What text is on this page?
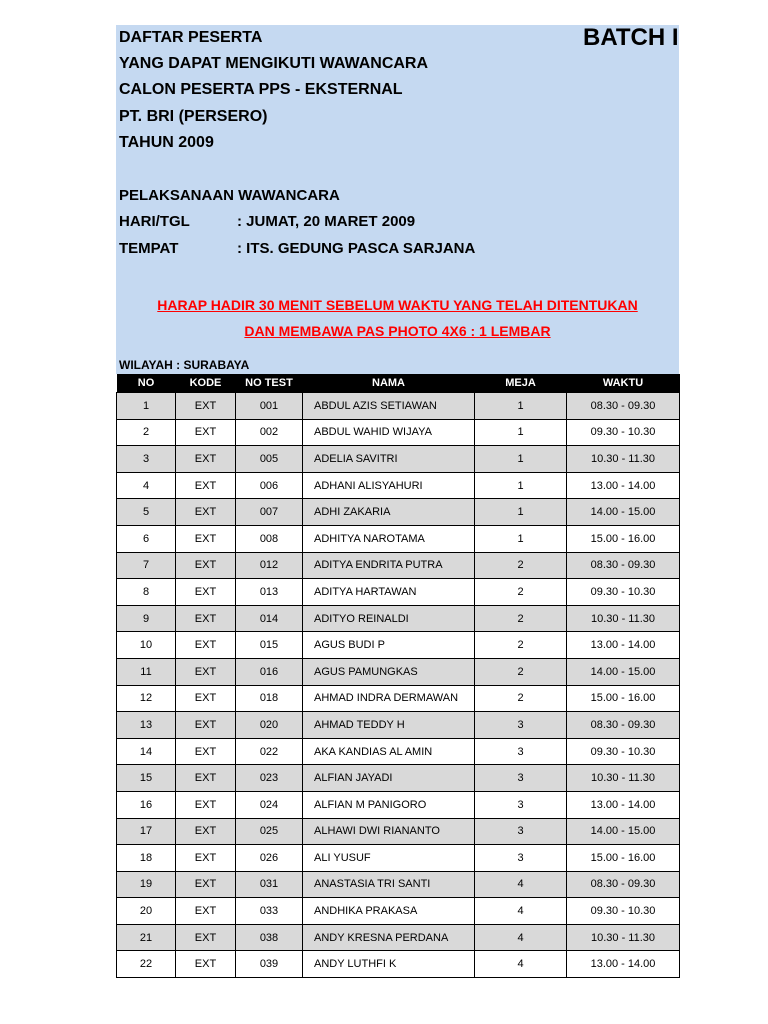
DAFTAR PESERTA
YANG DAPAT MENGIKUTI WAWANCARA
CALON PESERTA PPS - EKSTERNAL
PT. BRI (PERSERO)
TAHUN 2009
BATCH I
PELAKSANAAN WAWANCARA
HARI/TGL	: JUMAT, 20 MARET 2009
TEMPAT	: ITS. GEDUNG PASCA SARJANA
HARAP HADIR 30 MENIT SEBELUM WAKTU YANG TELAH DITENTUKAN
DAN MEMBAWA PAS PHOTO 4X6 : 1 LEMBAR
WILAYAH : SURABAYA
NO	KODE	NO TEST	NAMA	MEJA	WAKTU
1	EXT	001	ABDUL AZIS SETIAWAN	1	08.30 - 09.30
2	EXT	002	ABDUL WAHID WIJAYA	1	09.30 - 10.30
3	EXT	005	ADELIA SAVITRI	1	10.30 - 11.30
4	EXT	006	ADHANI ALISYAHURI	1	13.00 - 14.00
5	EXT	007	ADHI ZAKARIA	1	14.00 - 15.00
6	EXT	008	ADHITYA NAROTAMA	1	15.00 - 16.00
7	EXT	012	ADITYA ENDRITA PUTRA	2	08.30 - 09.30
8	EXT	013	ADITYA HARTAWAN	2	09.30 - 10.30
9	EXT	014	ADITYO REINALDI	2	10.30 - 11.30
10	EXT	015	AGUS BUDI P	2	13.00 - 14.00
11	EXT	016	AGUS PAMUNGKAS	2	14.00 - 15.00
12	EXT	018	AHMAD INDRA DERMAWAN	2	15.00 - 16.00
13	EXT	020	AHMAD TEDDY H	3	08.30 - 09.30
14	EXT	022	AKA KANDIAS AL AMIN	3	09.30 - 10.30
15	EXT	023	ALFIAN JAYADI	3	10.30 - 11.30
16	EXT	024	ALFIAN M PANIGORO	3	13.00 - 14.00
17	EXT	025	ALHAWI DWI RIANANTO	3	14.00 - 15.00
18	EXT	026	ALI YUSUF	3	15.00 - 16.00
19	EXT	031	ANASTASIA TRI SANTI	4	08.30 - 09.30
20	EXT	033	ANDHIKA PRAKASA	4	09.30 - 10.30
21	EXT	038	ANDY KRESNA PERDANA	4	10.30 - 11.30
22	EXT	039	ANDY LUTHFI K	4	13.00 - 14.00
